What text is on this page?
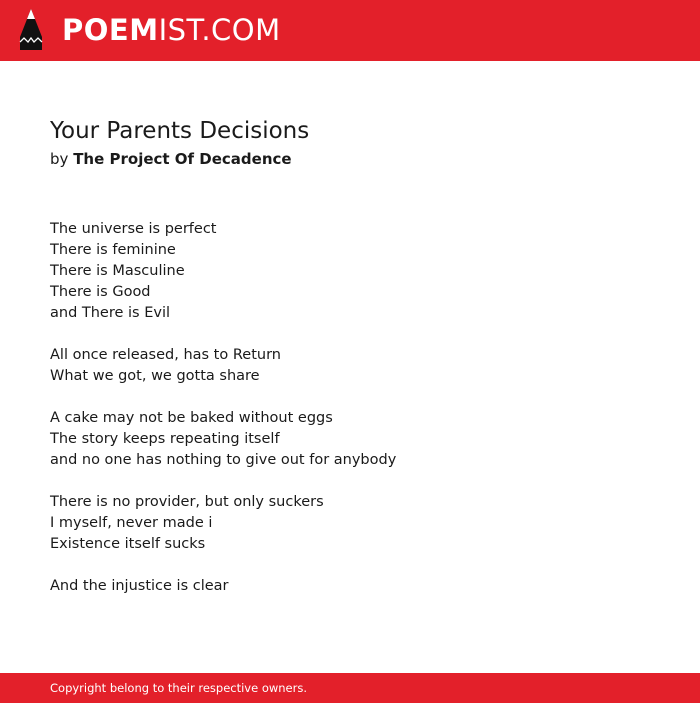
POEMIST.COM
Your Parents Decisions
by The Project Of Decadence

The universe is perfect
There is feminine
There is Masculine
There is Good
and There is Evil

All once released, has to Return
What we got, we gotta share

A cake may not be baked without eggs
The story keeps repeating itself
and no one has nothing to give out for anybody

There is no provider, but only suckers
I myself, never made i
Existence itself sucks

And the injustice is clear

Copyright belong to their respective owners.
